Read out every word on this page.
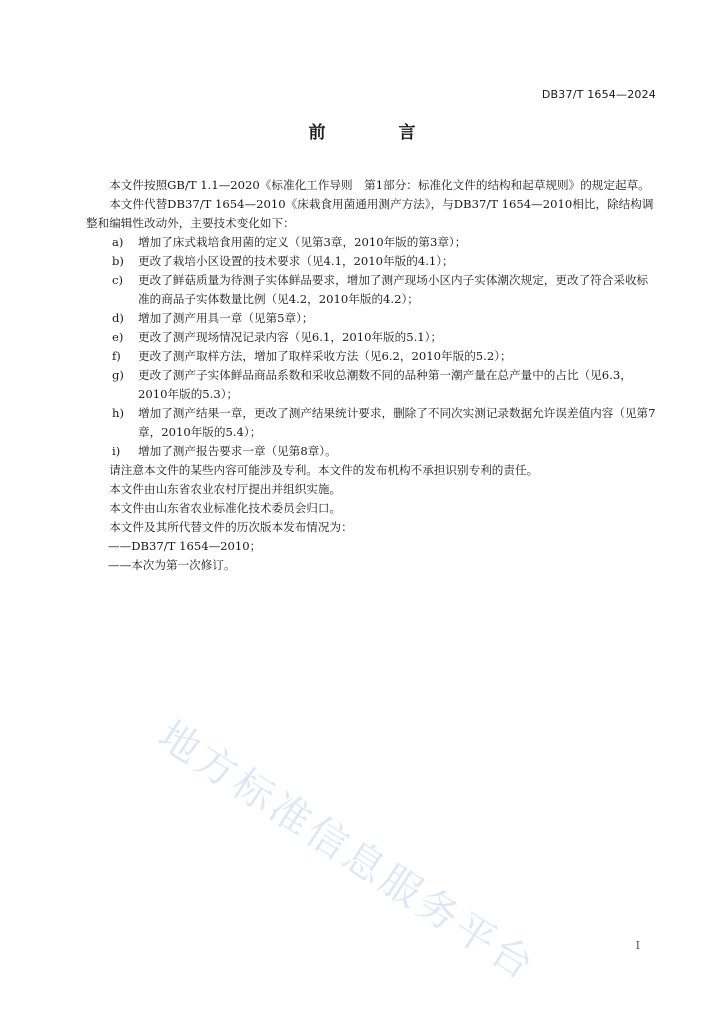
DB37/T 1654—2024
前　言

本文件按照GB/T 1.1—2020《标准化工作导则　第1部分：标准化文件的结构和起草规则》的规定起草。

本文件代替DB37/T 1654—2010《床栽食用菌通用测产方法》，与DB37/T 1654—2010相比，除结构调整和编辑性改动外，主要技术变化如下：

a) 增加了床式栽培食用菌的定义（见第3章，2010年版的第3章）；
b) 更改了栽培小区设置的技术要求（见4.1，2010年版的4.1）；
c) 更改了鲜菇质量为待测子实体鲜品要求，增加了测产现场小区内子实体潮次规定，更改了符合采收标准的商品子实体数量比例（见4.2，2010年版的4.2）；
d) 增加了测产用具一章（见第5章）；
e) 更改了测产现场情况记录内容（见6.1，2010年版的5.1）；
f) 更改了测产取样方法，增加了取样采收方法（见6.2，2010年版的5.2）；
g) 更改了测产子实体鲜品商品系数和采收总潮数不同的品种第一潮产量在总产量中的占比（见6.3，2010年版的5.3）；
h) 增加了测产结果一章，更改了测产结果统计要求，删除了不同次实测记录数据允许误差值内容（见第7章，2010年版的5.4）；
i) 增加了测产报告要求一章（见第8章）。

请注意本文件的某些内容可能涉及专利。本文件的发布机构不承担识别专利的责任。

本文件由山东省农业农村厅提出并组织实施。

本文件由山东省农业标准化技术委员会归口。

本文件及其所代替文件的历次版本发布情况为：

——DB37/T 1654—2010；

——本次为第一次修订。

地方标准信息服务平台	I
